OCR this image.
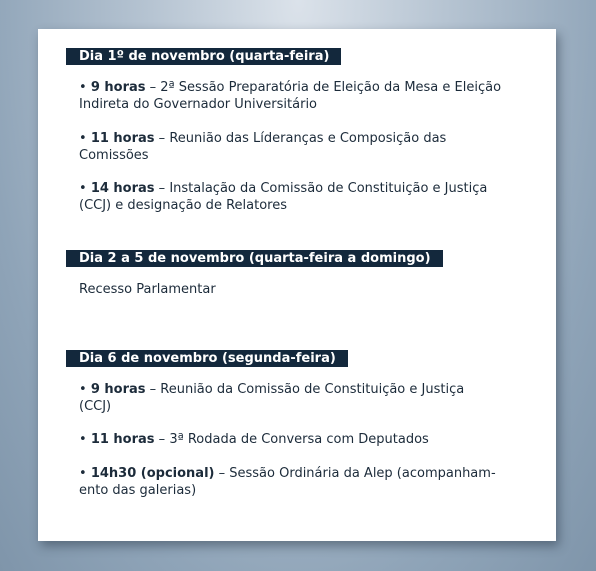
Dia 1º de novembro (quarta-feira)

• 9 horas – 2ª Sessão Preparatória de Eleição da Mesa e Eleição

Indireta do Governador Universitário

• 11 horas – Reunião das Líderanças e Composição das

Comissões

• 14 horas – Instalação da Comissão de Constituição e Justiça

(CCJ) e designação de Relatores

Dia 2 a 5 de novembro (quarta-feira a domingo)

Recesso Parlamentar

Dia 6 de novembro (segunda-feira)

• 9 horas – Reunião da Comissão de Constituição e Justiça

(CCJ)

• 11 horas – 3ª Rodada de Conversa com Deputados

• 14h30 (opcional) – Sessão Ordinária da Alep (acompanham-

ento das galerias)
